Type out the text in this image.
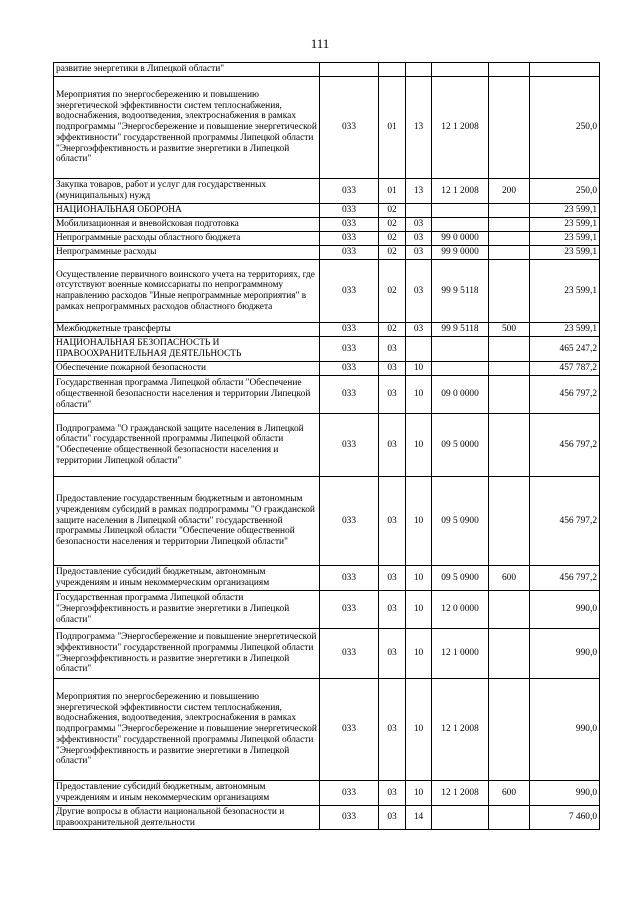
111
развитие энергетики в Липецкой области"						
Мероприятия по энергосбережению и повышению энергетической эффективности систем теплоснабжения, водоснабжения, водоотведения, электроснабжения в рамках подпрограммы "Энергосбережение и повышение энергетической эффективности" государственной программы Липецкой области "Энергоэффективность и развитие энергетики в Липецкой области"	033	01	13	12 1 2008		250,0
Закупка товаров, работ и услуг для государственных (муниципальных) нужд	033	01	13	12 1 2008	200	250,0
НАЦИОНАЛЬНАЯ ОБОРОНА	033	02				23 599,1
Мобилизационная и вневойсковая подготовка	033	02	03			23 599,1
Непрограммные расходы областного бюджета	033	02	03	99 0 0000		23 599,1
Непрограммные расходы	033	02	03	99 9 0000		23 599,1
Осуществление первичного воинского учета на территориях, где отсутствуют военные комиссариаты по непрограммному направлению расходов "Иные непрограммные мероприятия" в рамках непрограммных расходов областного бюджета	033	02	03	99 9 5118		23 599,1
Межбюджетные трансферты	033	02	03	99 9 5118	500	23 599,1
НАЦИОНАЛЬНАЯ БЕЗОПАСНОСТЬ И ПРАВООХРАНИТЕЛЬНАЯ ДЕЯТЕЛЬНОСТЬ	033	03				465 247,2
Обеспечение пожарной безопасности	033	03	10			457 787,2
Государственная программа Липецкой области "Обеспечение общественной безопасности населения и территории Липецкой области"	033	03	10	09 0 0000		456 797,2
Подпрограмма "О гражданской защите населения в Липецкой области" государственной программы Липецкой области "Обеспечение общественной безопасности населения и территории Липецкой области"	033	03	10	09 5 0000		456 797,2
Предоставление государственным бюджетным и автономным учреждениям субсидий в рамках подпрограммы "О гражданской защите населения в Липецкой области" государственной программы Липецкой области "Обеспечение общественной безопасности населения и территории Липецкой области"	033	03	10	09 5 0900		456 797,2
Предоставление субсидий бюджетным, автономным учреждениям и иным некоммерческим организациям	033	03	10	09 5 0900	600	456 797,2
Государственная программа Липецкой области "Энергоэффективность и развитие энергетики в Липецкой области"	033	03	10	12 0 0000		990,0
Подпрограмма "Энергосбережение и повышение энергетической эффективности" государственной программы Липецкой области "Энергоэффективность и развитие энергетики в Липецкой области"	033	03	10	12 1 0000		990,0
Мероприятия по энергосбережению и повышению энергетической эффективности систем теплоснабжения, водоснабжения, водоотведения, электроснабжения в рамках подпрограммы "Энергосбережение и повышение энергетической эффективности" государственной программы Липецкой области "Энергоэффективность и развитие энергетики в Липецкой области"	033	03	10	12 1 2008		990,0
Предоставление субсидий бюджетным, автономным учреждениям и иным некоммерческим организациям	033	03	10	12 1 2008	600	990,0
Другие вопросы в области национальной безопасности и правоохранительной деятельности	033	03	14			7 460,0
